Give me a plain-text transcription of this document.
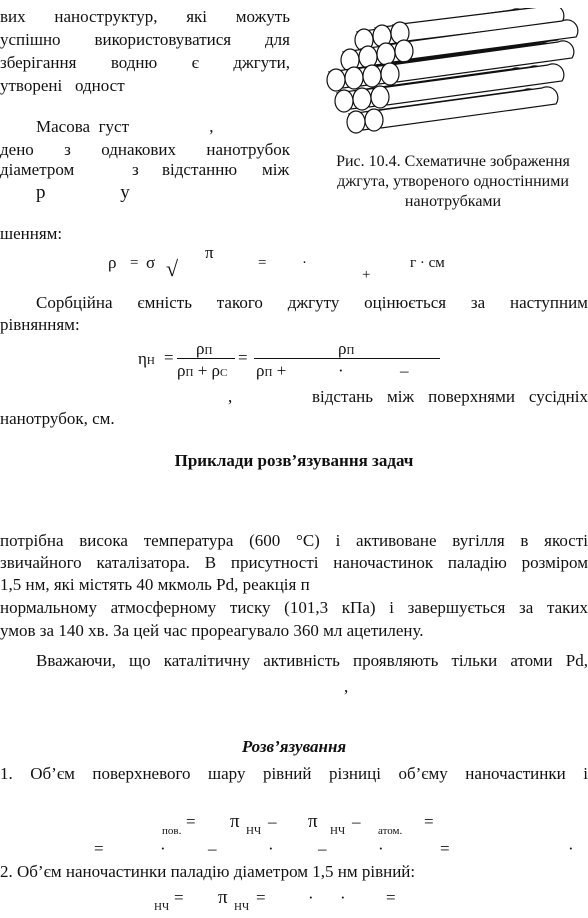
вих наноструктур, які можуть
успішно використовуватися для
зберігання водню є джгути,
утворені одност
Масова густ	,
дено з однакових нанотрубок
діаметром	з відстанню між
р	у
Рис. 10.4. Схематичне зображення
джгута, утвореного одностінними
нанотрубками
шенням:
ρ = σ √
π
= ·
+
г · см
Сорбційна ємність такого джгуту оцінюється за наступним
рівнянням:
ηН = ρП
ρП + ρС
=	ρП
ρП +	·	–
,	відстань між поверхнями сусідніх
нанотрубок, см.
Приклади розв’язування задач
потрібна висока температура (600 °С) і активоване вугілля в якості
звичайного каталізатора. В присутності наночастинок паладію розміром
1,5 нм, які містять 40 мкмоль Pd, реакція п
нормальному атмосферному тиску (101,3 кПа) і завершується за таких
умов за 140 хв. За цей час прореагувало 360 мл ацетилену.
Вважаючи, що каталітичну активність проявляють тільки атоми Pd,
,
Розв’язування
1. Об’єм поверхневого шару рівний різниці об’єму наночастинки і
пов. = π НЧ – π НЧ – атом. =
=	· –	·	–	·	=	·
2. Об’єм наночастинки паладію діаметром 1,5 нм рівний:
НЧ = π НЧ = · · =
